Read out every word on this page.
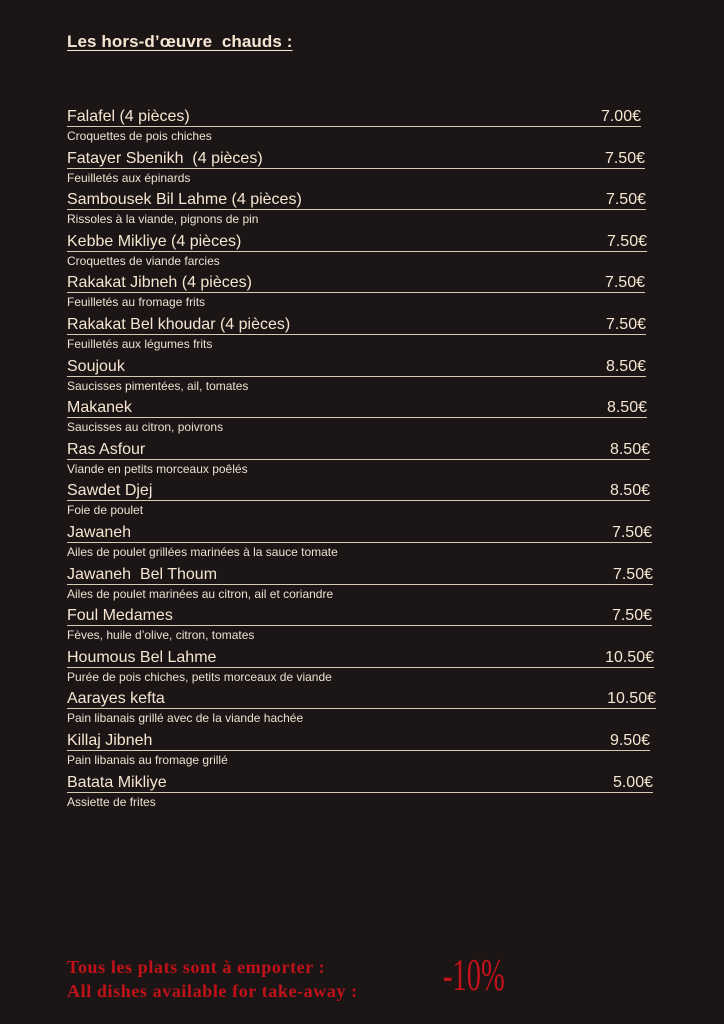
Les hors-d’œuvre  chauds :
Falafel (4 pièces)	7.00€
Croquettes de pois chiches
Fatayer Sbenikh  (4 pièces)	7.50€
Feuilletés aux épinards
Sambousek Bil Lahme (4 pièces)	7.50€
Rissoles à la viande, pignons de pin
Kebbe Mikliye (4 pièces)	7.50€
Croquettes de viande farcies
Rakakat Jibneh (4 pièces)	7.50€
Feuilletés au fromage frits
Rakakat Bel khoudar (4 pièces)	7.50€
Feuilletés aux légumes frits
Soujouk	8.50€
Saucisses pimentées, ail, tomates
Makanek	8.50€
Saucisses au citron, poivrons
Ras Asfour	8.50€
Viande en petits morceaux poêlés
Sawdet Djej	8.50€
Foie de poulet
Jawaneh	7.50€
Ailes de poulet grillées marinées à la sauce tomate
Jawaneh  Bel Thoum	7.50€
Ailes de poulet marinées au citron, ail et coriandre
Foul Medames	7.50€
Fèves, huile d’olive, citron, tomates
Houmous Bel Lahme	10.50€
Purée de pois chiches, petits morceaux de viande
Aarayes kefta	10.50€
Pain libanais grillé avec de la viande hachée
Killaj Jibneh	9.50€
Pain libanais au fromage grillé
Batata Mikliye	5.00€
Assiette de frites
Tous les plats sont à emporter :
All dishes available for take-away : -10%
